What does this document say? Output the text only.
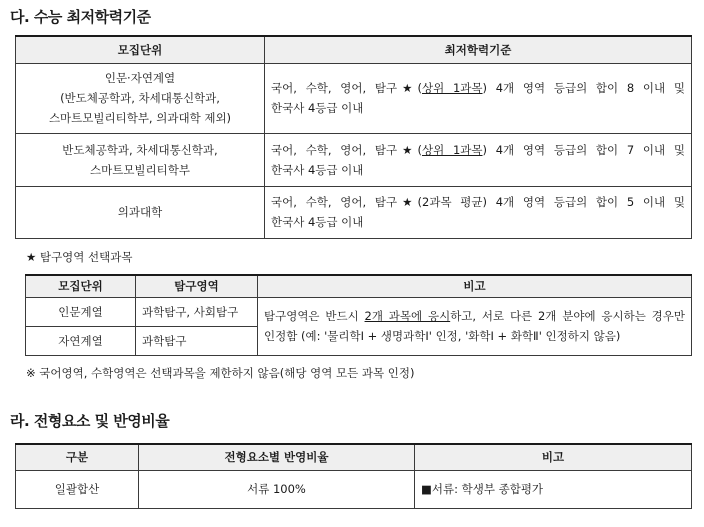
다. 수능 최저학력기준
모집단위	최저학력기준

인문·자연계열
(반도체공학과, 차세대통신학과,
스마트모빌리티학부, 의과대학 제외)	국어, 수학, 영어, 탐구★(상위 1과목) 4개 영역 등급의 합이 8 이내 및
한국사 4등급 이내

반도체공학과, 차세대통신학과,
스마트모빌리티학부	국어, 수학, 영어, 탐구★(상위 1과목) 4개 영역 등급의 합이 7 이내 및
한국사 4등급 이내

의과대학	국어, 수학, 영어, 탐구★(2과목 평균) 4개 영역 등급의 합이 5 이내 및
한국사 4등급 이내
★ 탐구영역 선택과목
모집단위	탐구영역	비고
인문계열	과학탐구, 사회탐구	탐구영역은 반드시 2개 과목에 응시하고, 서로 다른 2개 분야에 응시하는 경우만
인정함 (예: '물리학Ⅰ + 생명과학Ⅰ' 인정, '화학Ⅰ + 화학Ⅱ' 인정하지 않음)

자연계열	과학탐구	
※ 국어영역, 수학영역은 선택과목을 제한하지 않음(해당 영역 모든 과목 인정)
라. 전형요소 및 반영비율
구분	전형요소별 반영비율	비고
일괄합산	서류 100%	■서류: 학생부 종합평가
